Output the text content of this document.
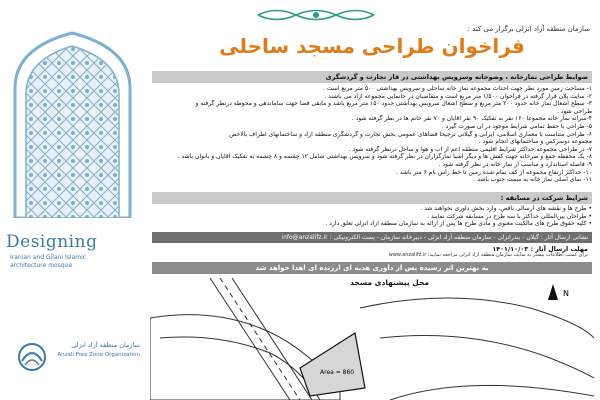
Designing
Iranian and Gilani Islamic
architecture mosque
سازمان منطقه آزاد انزلی
Anzali Free Zone Organization
سازمان منطقه آزاد انزلی برگزار می کند :
فراخوان طراحی مسجد ساحلی
ضوابط طراحی نمازخانه ، وضوخانه وسرویس بهداشتی در فاز تجارت و گردشگری
۱- مساحت زمین مورد نظر جهت احداث مجموعه نماز خانه ساحلی و سرویس بهداشتی ۵۰۰ متر مربع است .
۲- سایت پلان قرار گرفته در فراخوان ۱/۵۰۰ متر مربع است و متقاضیان در جانمایی مجموعه آزاد می باشند .
۳- سطح اشغال نماز خانه حدود ۲۰۰ متر مربع و سطح اشغال سرویس بهداشتی حدود ۱۵۰ متر مربع باشد و مابقی فضا جهت ساماندهی و محوطه درنظر گرفته و
طراحی شود .
۴-سرانه نماز خانه مجموعاً ۱۶۰ نفر به تفکیک ۹۰ نفر آقایان و ۷۰ نفر خانم ها در نظر گرفته شود .
۵- طراحی با حفظ تمامی شرایط موجود در آن صورت گیرد .
۶- طراحی متناسب با معماری اسلامی، ایرانی و گیلانی ترجیحاً فضاهای عمومی بخش تجارت و گردشگری منطقه آزاد و ساختمانهای اطراف بالاخص
مجموعه دوسرکس و ساختمانهای انجام شود .
۷- در طراحی مجموعه حداکثر شرایط اقلیمی منطقه اعم از آب و هوا و ساحل درنظر گرفته شود .
۸- یک محفظه جمع و ضرخانه جهت کفش ها و دیگر اشیا نمازگزاران در نظر گرفته شود و سرویس بهداشتی شامل ۱۲ چشمه و ۸ چشمه به تفکیک آقایان و بانوان باشد .
۹- فاصله استاندارد و مناسب از نماز خانه در نظر گرفته شود .
۱۰- حداکثر ارتفاع مجموعه از کف تمام شده زمین تا خط رأس بام ۶ متر باشد .
۱۱- نمای اصلی نماز خانه به سمت جنوب باشد .
شرایط شرکت در مسابقه :
• طرح ها و نقشه های ارسالی ناقص، وارد بخش داوری نخواهند شد .
• طراحان بین‌المللی حداکثر با سه طرح در مسابقه شرکت نمایند .
• کلیه حقوق طرح های مالکیت معنوی و مادی طرح ها پس از ارائه به سازمان منطقه آزاد انزلی تعلق دارد .
نشانی ارسال آثار : گیلان - بندرانزلی - سازمان منطقه آزاد انزلی - دبیرخانه سازمان - پست الکترونیکی : info@anzalifz.ir
مهلت ارسال آثار : ۱۴۰۱/۱۰/۰۳
برای کسب اطلاعات بیشتر به سایت سازمان منطقه آزاد انزلی مراجعه نمایید: www.anzalifz.ir
به بهترین اثر رسیده پس از داوری هدیه ای ارزنده ای اهدا خواهد شد
Area = 860
N
محل پیشنهادی مسجد
